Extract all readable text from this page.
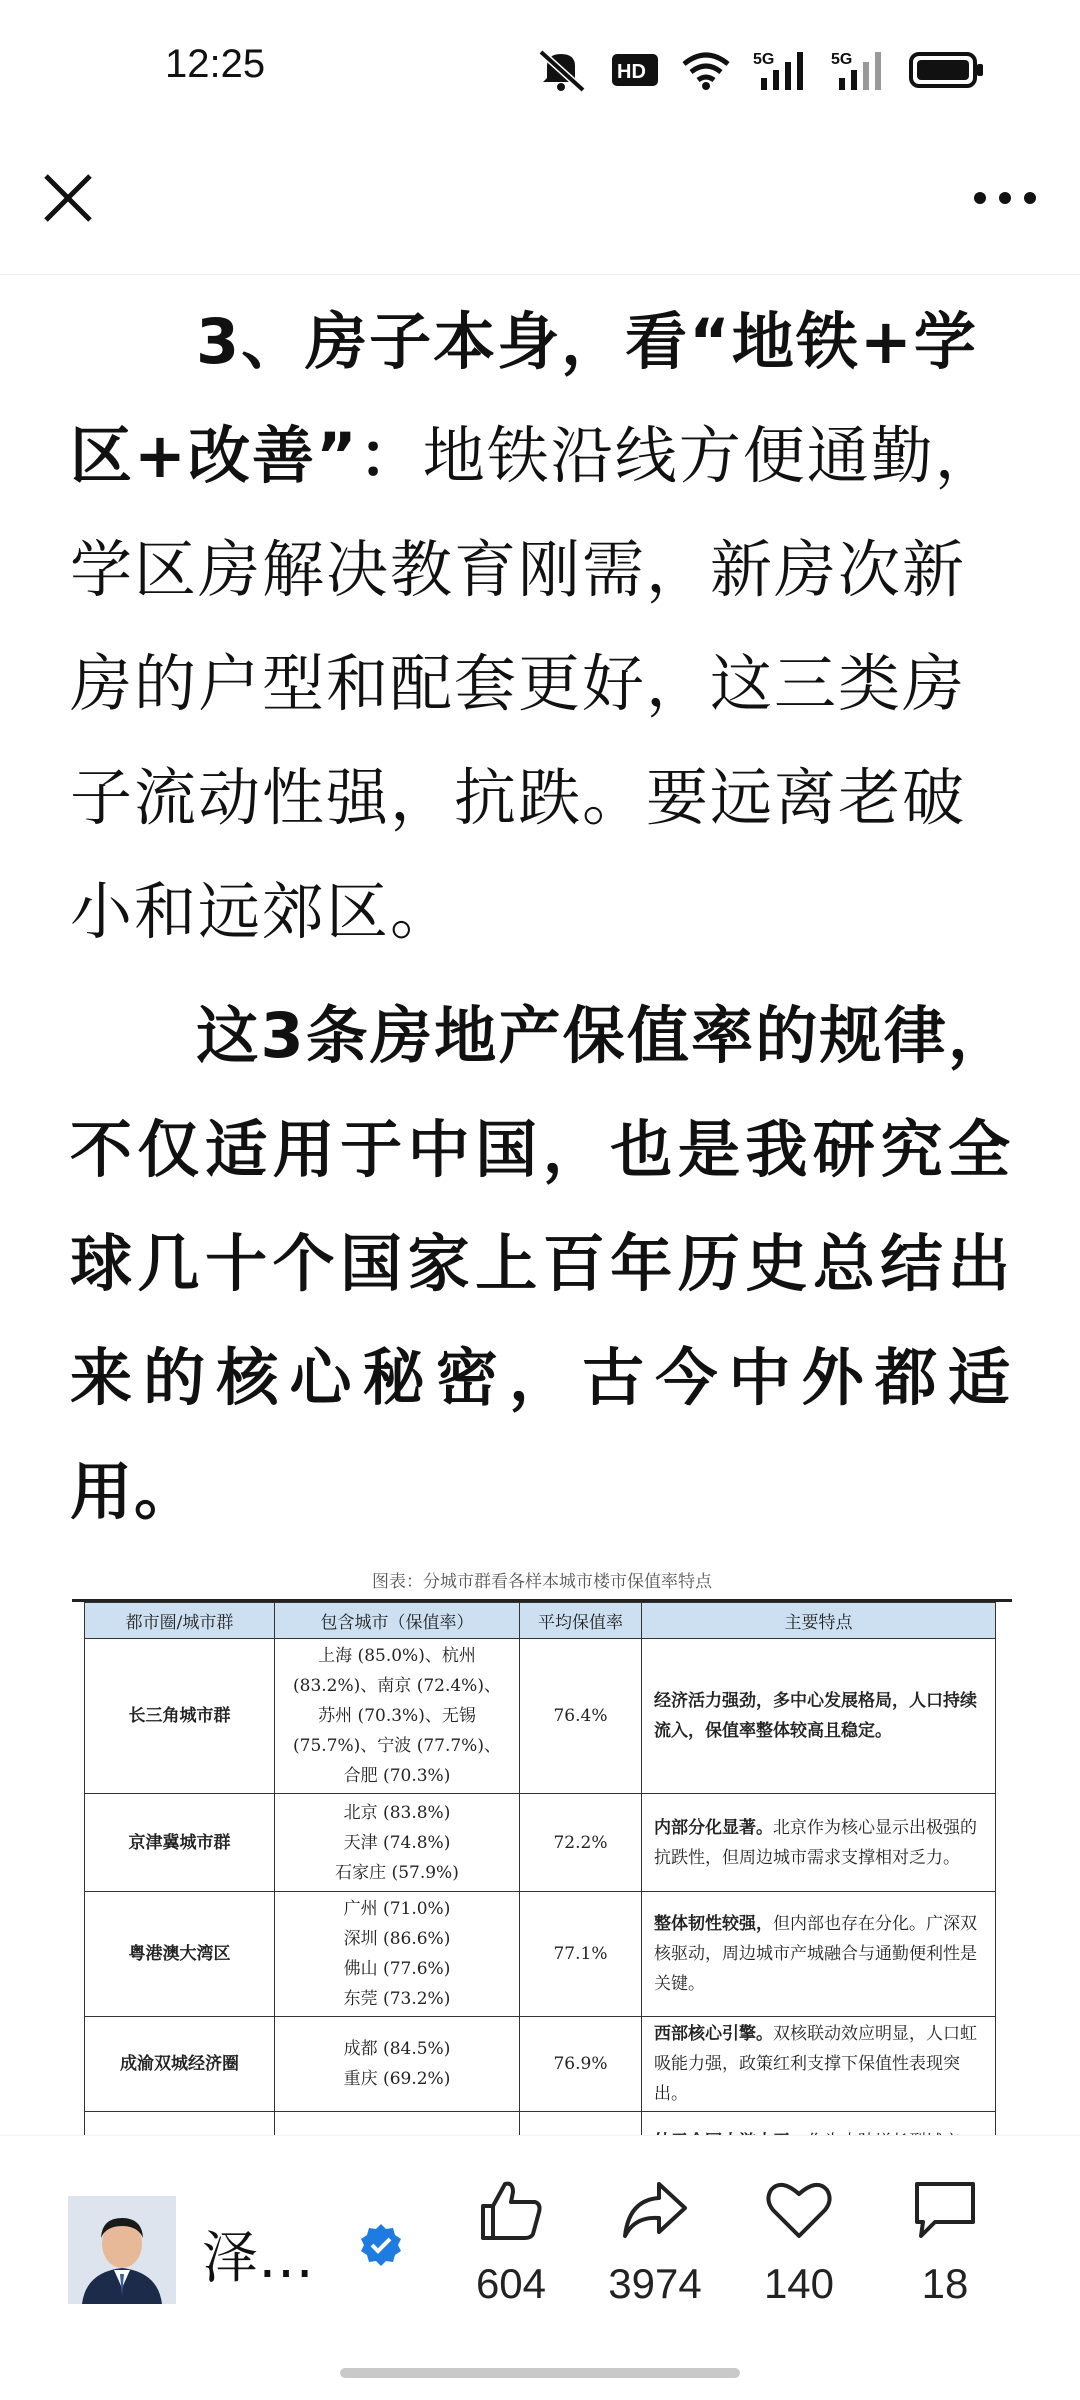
12:25	HD
5G	5G

3、房子本身，看“地铁+学区+改善”：地铁沿线方便通勤，学区房解决教育刚需，新房次新房的户型和配套更好，这三类房子流动性强，抗跌。要远离老破小和远郊区。

这3条房地产保值率的规律，不仅适用于中国，也是我研究全球几十个国家上百年历史总结出来的核心秘密，古今中外都适用。

图表：分城市群看各样本城市楼市保值率特点
都市圈/城市群	包含城市（保值率）	平均保值率	主要特点
长三角城市群	上海 (85.0%)、杭州
(83.2%)、南京 (72.4%)、
苏州 (70.3%)、无锡
(75.7%)、宁波 (77.7%)、
合肥 (70.3%)	76.4%	经济活力强劲，多中心发展格局，人口持续流入，保值率整体较高且稳定。
京津冀城市群	北京 (83.8%)
天津 (74.8%)
石家庄 (57.9%)	72.2%	内部分化显著。北京作为核心显示出极强的抗跌性，但周边城市需求支撑相对乏力。
粤港澳大湾区	广州 (71.0%)
深圳 (86.6%)
佛山 (77.6%)
东莞 (73.2%)	77.1%	整体韧性较强，但内部也存在分化。广深双核驱动，周边城市产城融合与通勤便利性是关键。
成渝双城经济圈	成都 (84.5%)
重庆 (69.2%)	76.9%	西部核心引擎。双核联动效应明显，人口虹吸能力强，政策红利支撑下保值性表现突出。

泽…	604	3974	140	18
